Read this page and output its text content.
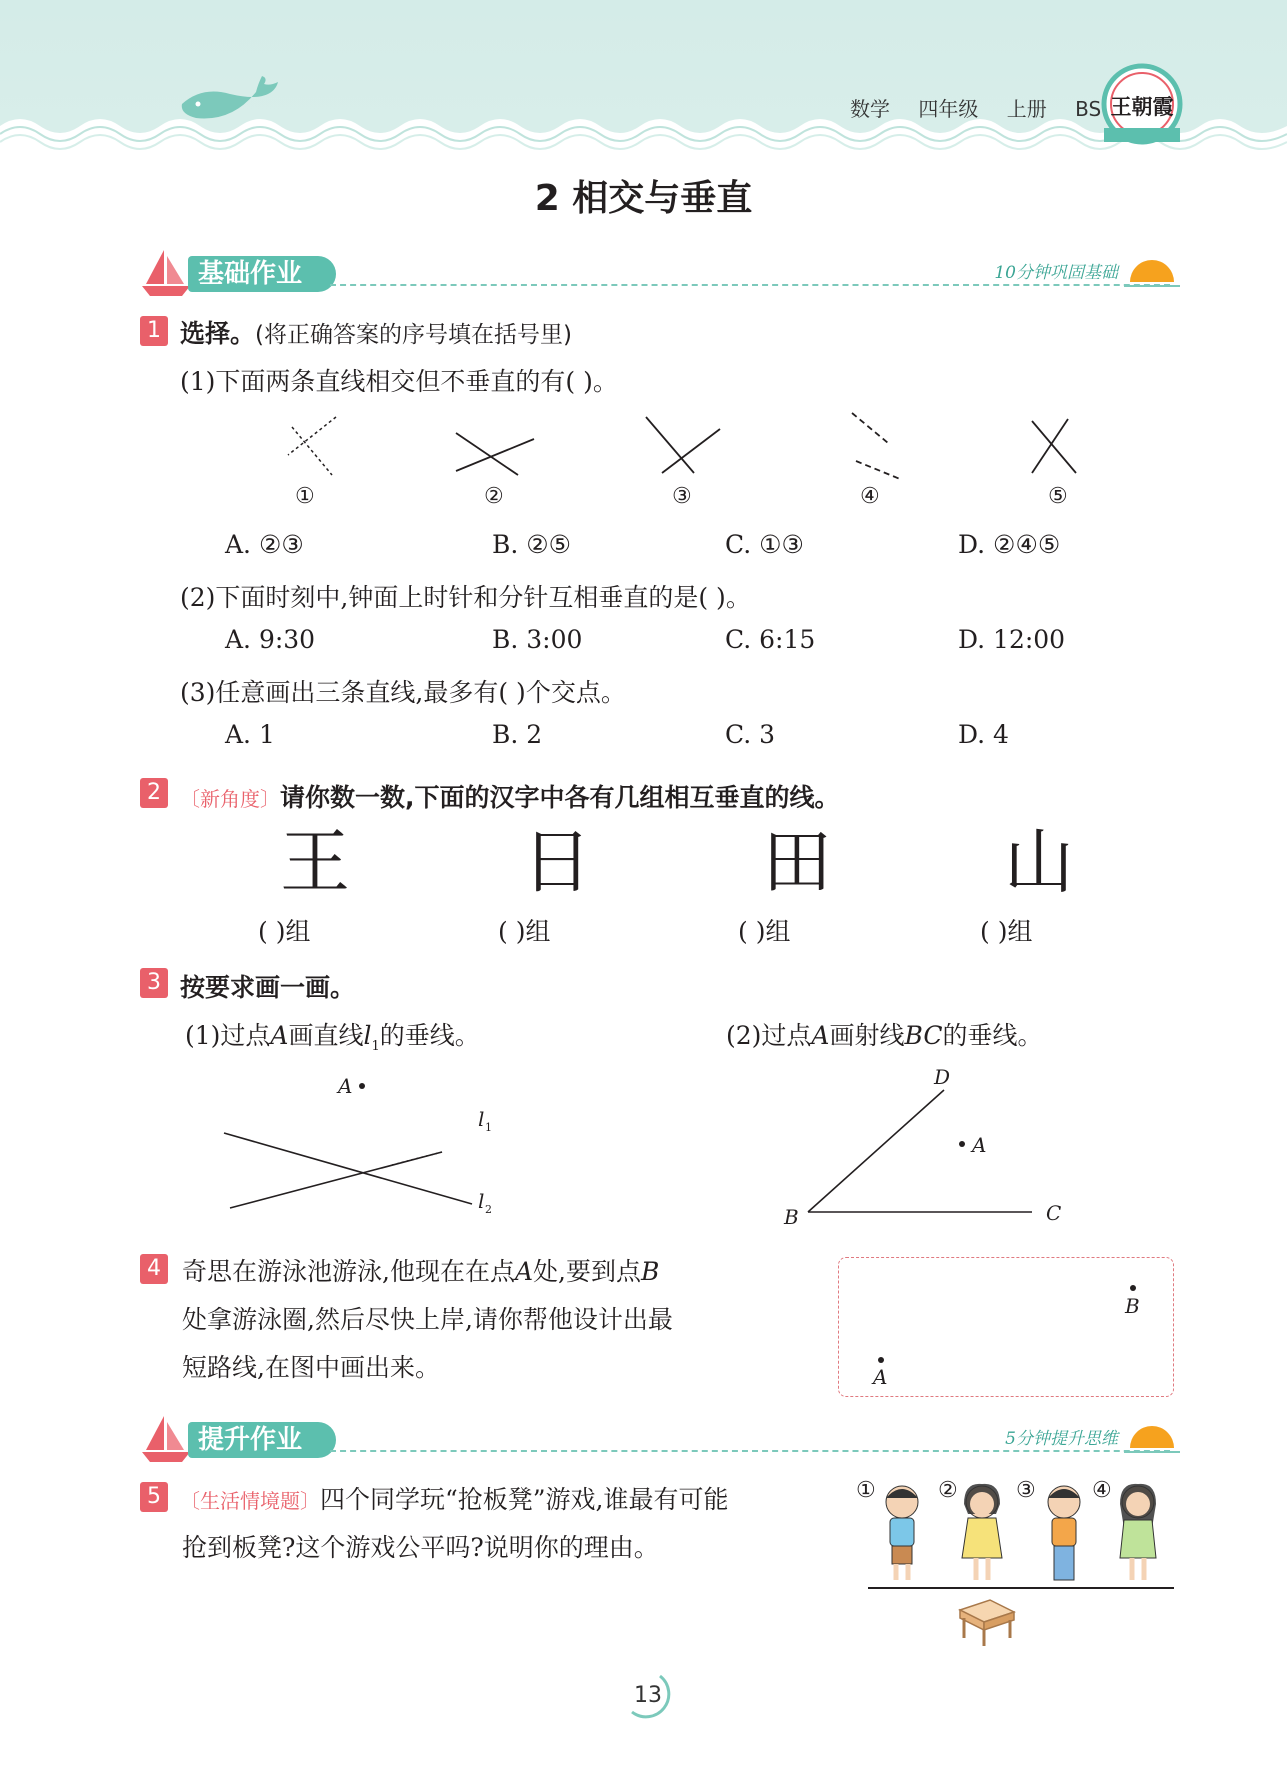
数学 四年级 上册 BS 王朝霞
2 相交与垂直
基础作业	10分钟巩固基础
1 选择。(将正确答案的序号填在括号里)
(1)下面两条直线相交但不垂直的有( )。
①	②	③	④	⑤
A. ②③	B. ②⑤	C. ①③	D. ②④⑤
(2)下面时刻中,钟面上时针和分针互相垂直的是( )。
A. 9:30	B. 3:00	C. 6:15	D. 12:00
(3)任意画出三条直线,最多有( )个交点。
A. 1	B. 2	C. 3	D. 4
2 〔新角度〕请你数一数,下面的汉字中各有几组相互垂直的线。
王 日 田 山
( )组	( )组	( )组	( )组
3 按要求画一画。
(1)过点A画直线$l_1$的垂线。	(2)过点A画射线BC的垂线。
A
l 1
l 2
D
A
B	C
4 奇思在游泳池游泳,他现在在点A处,要到点B
处拿游泳圈,然后尽快上岸,请你帮他设计出最
短路线,在图中画出来。
B
A
提升作业	5分钟提升思维
5 〔生活情境题〕四个同学玩“抢板凳”游戏,谁最有可能
抢到板凳?这个游戏公平吗?说明你的理由。
①	②	③	④
13
